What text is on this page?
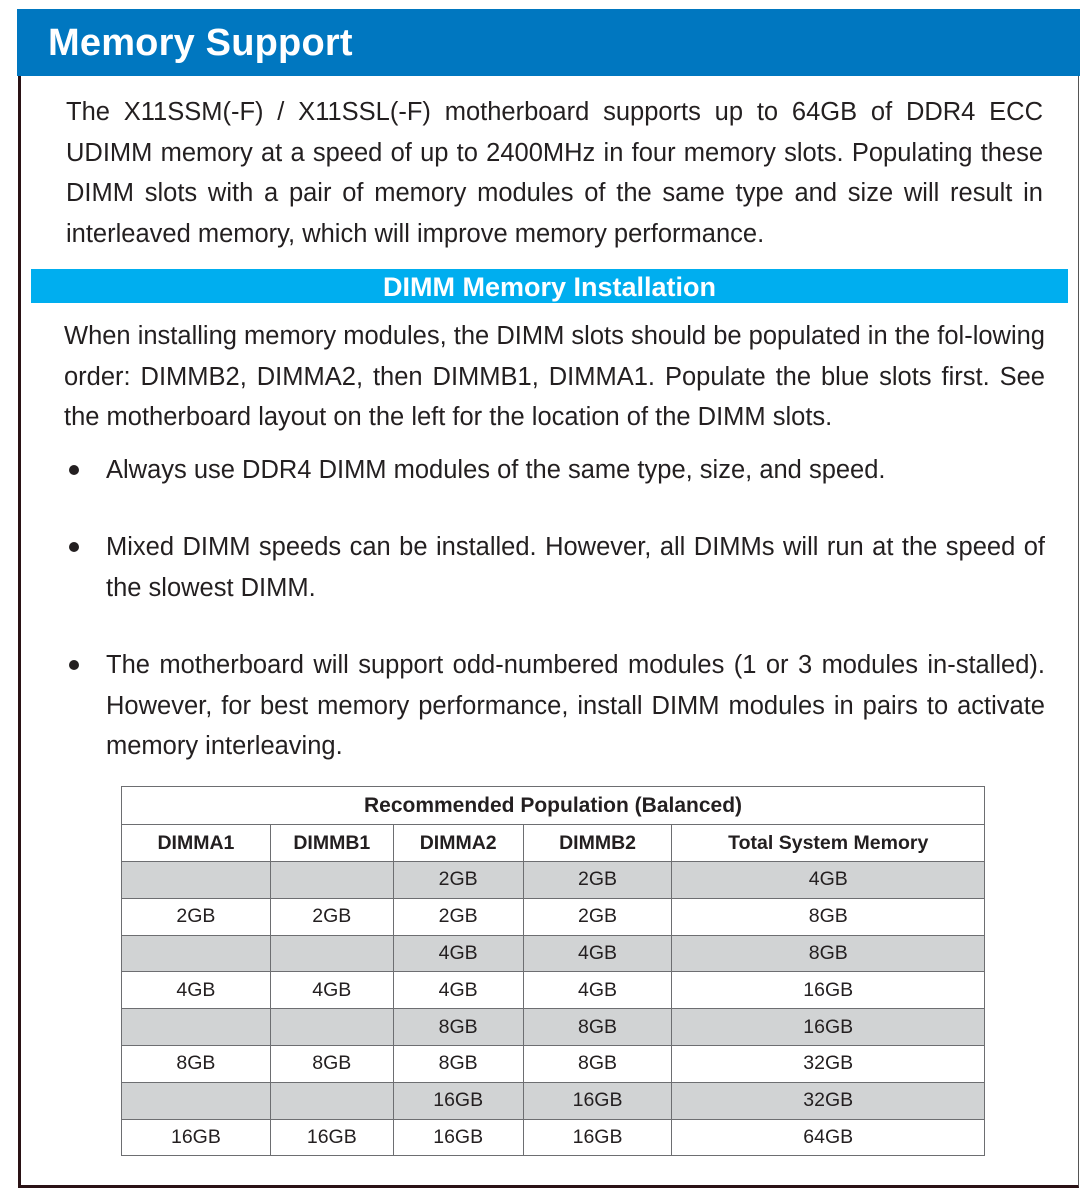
Memory Support
The X11SSM(-F) / X11SSL(-F) motherboard supports up to 64GB of DDR4 ECC UDIMM memory at a speed of up to 2400MHz in four memory slots. Populating these DIMM slots with a pair of memory modules of the same type and size will result in interleaved memory, which will improve memory performance.
DIMM Memory Installation
When installing memory modules, the DIMM slots should be populated in the fol-lowing order: DIMMB2, DIMMA2, then DIMMB1, DIMMA1. Populate the blue slots first. See the motherboard layout on the left for the location of the DIMM slots.
Always use DDR4 DIMM modules of the same type, size, and speed.
Mixed DIMM speeds can be installed. However, all DIMMs will run at the speed of the slowest DIMM.
The motherboard will support odd-numbered modules (1 or 3 modules in-stalled). However, for best memory performance, install DIMM modules in pairs to activate memory interleaving.
Recommended Population (Balanced)				
DIMMA1	DIMMB1	DIMMA2	DIMMB2	Total System Memory
		2GB	2GB	4GB
2GB	2GB	2GB	2GB	8GB
		4GB	4GB	8GB
4GB	4GB	4GB	4GB	16GB
		8GB	8GB	16GB
8GB	8GB	8GB	8GB	32GB
		16GB	16GB	32GB
16GB	16GB	16GB	16GB	64GB
